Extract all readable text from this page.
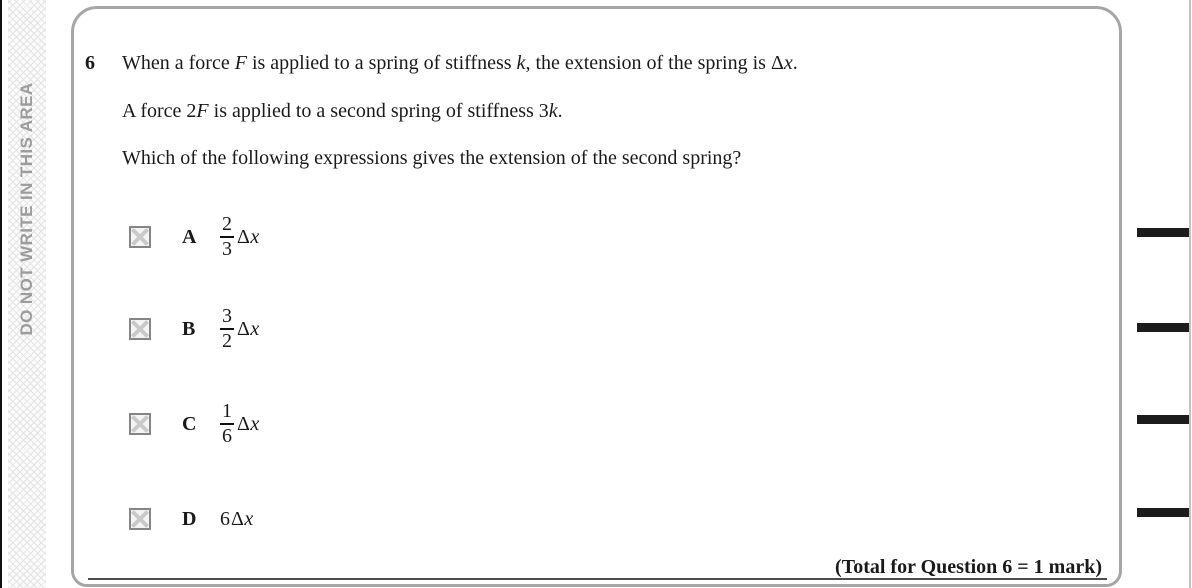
DO NOT WRITE IN THIS AREA
6 When a force F is applied to a spring of stiffness k, the extension of the spring is Δx.
A force 2F is applied to a second spring of stiffness 3k.
Which of the following expressions gives the extension of the second spring?
A	$\frac{2}{3}$ Δ x
B	$\frac{3}{2}$ Δ x
C	$\frac{1}{6}$ Δ x
D	6 Δ x
(Total for Question 6 = 1 mark)
